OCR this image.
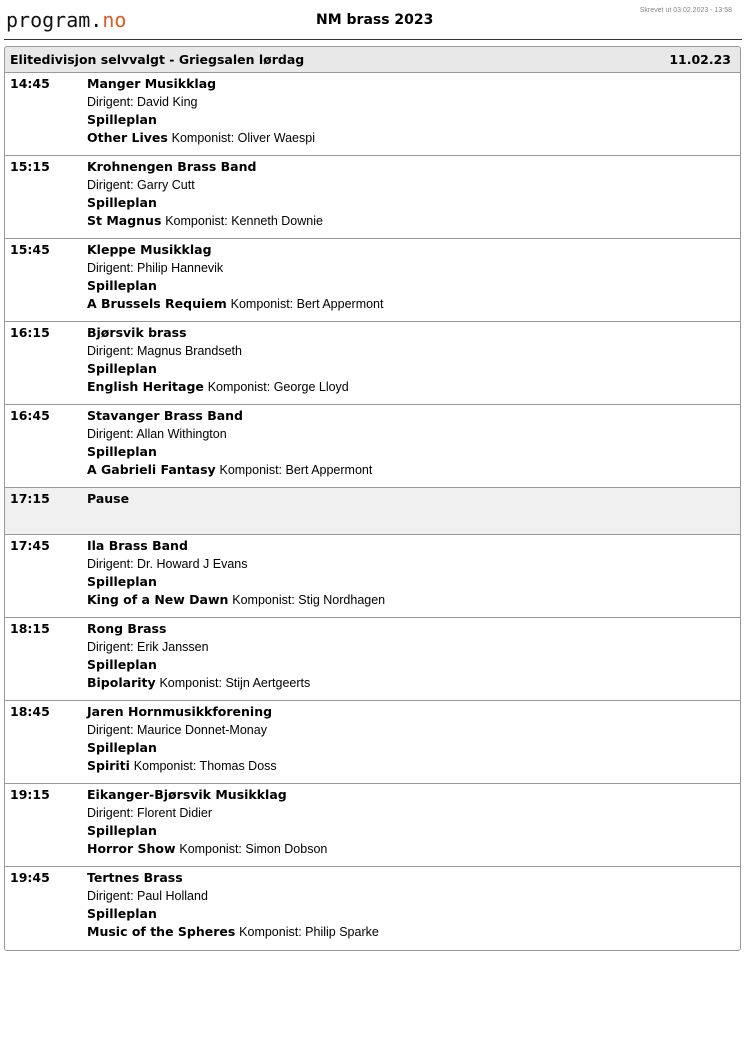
program.no	NM brass 2023
Skrevet ut 03.02.2023 - 13:58
Elitedivisjon selvvalgt - Griegsalen lørdag	11.02.23
14:45	Manger Musikklag
Dirigent: David King
Spilleplan
Other Lives Komponist: Oliver Waespi
15:15	Krohnengen Brass Band
Dirigent: Garry Cutt
Spilleplan
St Magnus Komponist: Kenneth Downie
15:45	Kleppe Musikklag
Dirigent: Philip Hannevik
Spilleplan
A Brussels Requiem Komponist: Bert Appermont
16:15	Bjørsvik brass
Dirigent: Magnus Brandseth
Spilleplan
English Heritage Komponist: George Lloyd
16:45	Stavanger Brass Band
Dirigent: Allan Withington
Spilleplan
A Gabrieli Fantasy Komponist: Bert Appermont
17:15	Pause
17:45	Ila Brass Band
Dirigent: Dr. Howard J Evans
Spilleplan
King of a New Dawn Komponist: Stig Nordhagen
18:15	Rong Brass
Dirigent: Erik Janssen
Spilleplan
Bipolarity Komponist: Stijn Aertgeerts
18:45	Jaren Hornmusikkforening
Dirigent: Maurice Donnet-Monay
Spilleplan
Spiriti Komponist: Thomas Doss
19:15	Eikanger-Bjørsvik Musikklag
Dirigent: Florent Didier
Spilleplan
Horror Show Komponist: Simon Dobson
19:45	Tertnes Brass
Dirigent: Paul Holland
Spilleplan
Music of the Spheres Komponist: Philip Sparke
